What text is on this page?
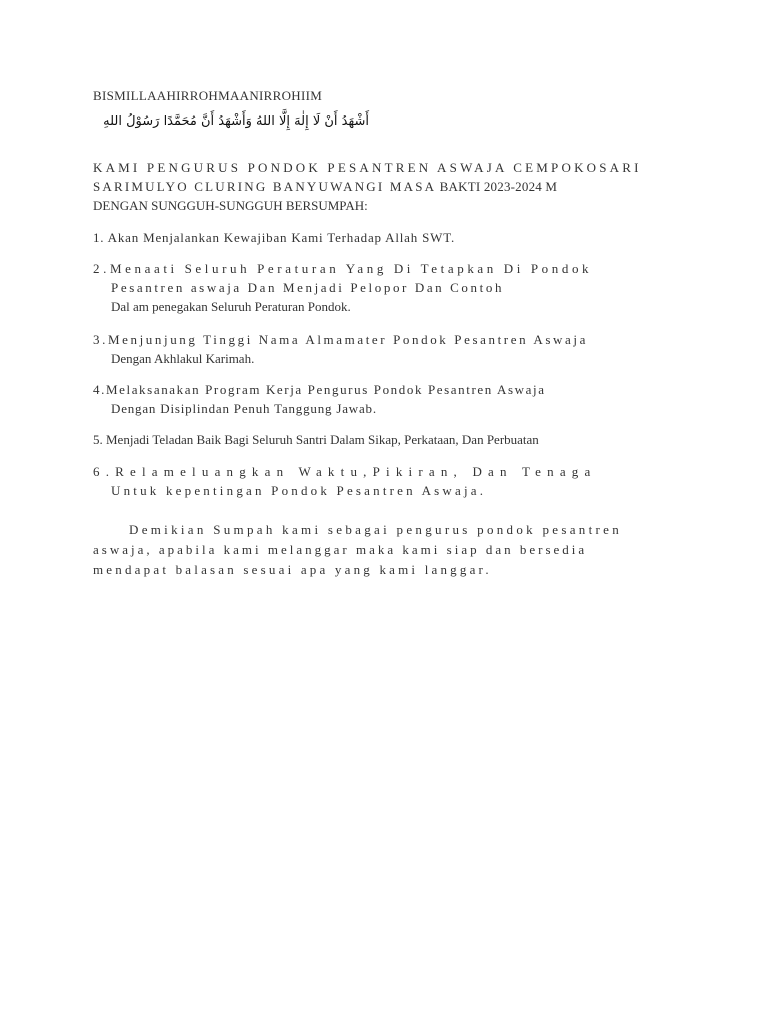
BISMILLAAHIRROHMAANIRROHIIM
أَشْهَدُ أَنْ لَا إِلٰهَ إِلَّا اللهُ وَأَشْهَدُ أَنَّ مُحَمَّدًا رَسُوْلُ اللهِ
KAMI PENGURUS PONDOK PESANTREN ASWAJA CEMPOKOSARI
SARIMULYO CLURING BANYUWANGI MASA BAKTI 2023-2024 M
DENGAN SUNGGUH-SUNGGUH BERSUMPAH:
1. Akan Menjalankan Kewajiban Kami Terhadap Allah SWT.
2.Menaati Seluruh Peraturan Yang Di Tetapkan Di Pondok
Pesantren aswaja Dan Menjadi Pelopor Dan Contoh
Dal am penegakan Seluruh Peraturan Pondok.
3.Menjunjung Tinggi Nama Almamater Pondok Pesantren Aswaja
Dengan Akhlakul Karimah.
4.Melaksanakan Program Kerja Pengurus Pondok Pesantren Aswaja
Dengan Disiplindan Penuh Tanggung Jawab.
5. Menjadi Teladan Baik Bagi Seluruh Santri Dalam Sikap, Perkataan, Dan Perbuatan
6.Relameluangkan Waktu,Pikiran, Dan Tenaga
Untuk kepentingan Pondok Pesantren Aswaja.
Demikian Sumpah kami sebagai pengurus pondok pesantren
aswaja, apabila kami melanggar maka kami siap dan bersedia
mendapat balasan sesuai apa yang kami langgar.
